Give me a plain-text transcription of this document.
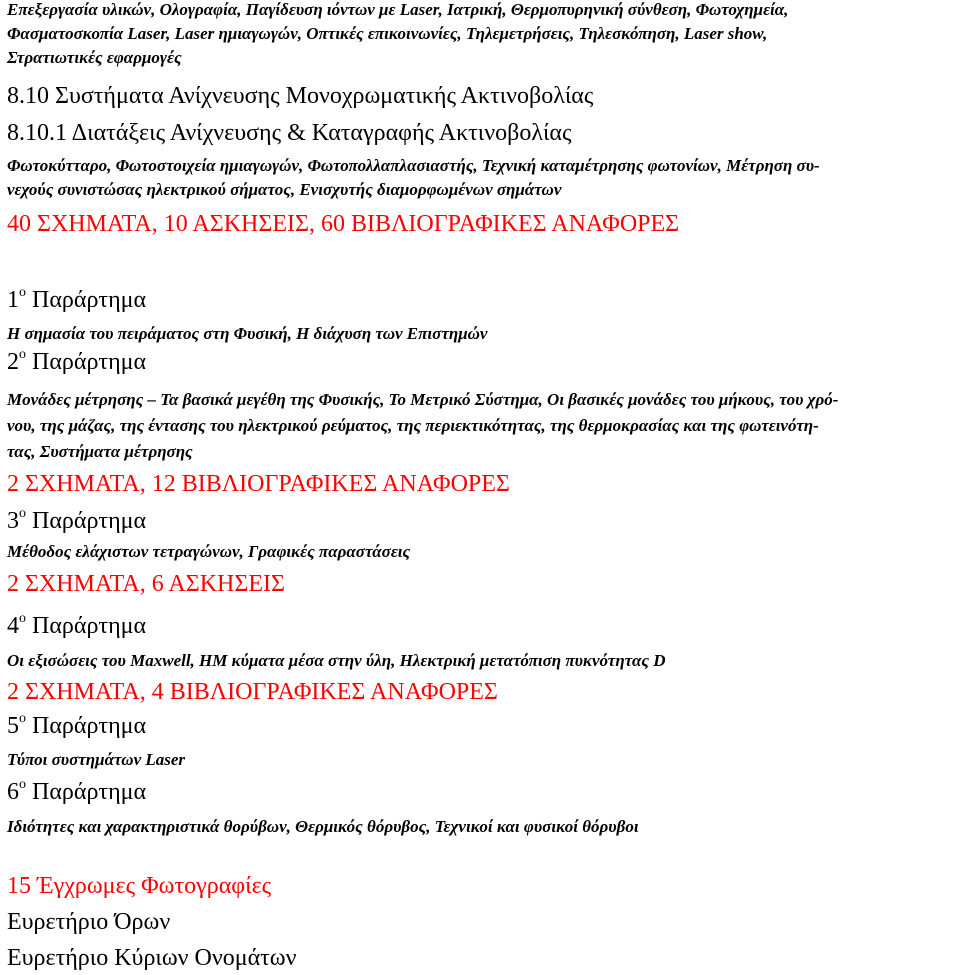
Επεξεργασία υλικών, Ολογραφία, Παγίδευση ιόντων με Laser, Ιατρική, Θερμοπυρηνική σύνθεση, Φωτοχημεία,
Φασματοσκοπία Laser, Laser ημιαγωγών, Οπτικές επικοινωνίες, Τηλεμετρήσεις, Τηλεσκόπηση, Laser show,
Στρατιωτικές εφαρμογές
8.10 Συστήματα Ανίχνευσης Μονοχρωματικής Ακτινοβολίας
8.10.1 Διατάξεις Ανίχνευσης & Καταγραφής Ακτινοβολίας
Φωτοκύτταρο, Φωτοστοιχεία ημιαγωγών, Φωτοπολλαπλασιαστής, Τεχνική καταμέτρησης φωτονίων, Μέτρηση συ-
νεχούς συνιστώσας ηλεκτρικού σήματος, Ενισχυτής διαμορφωμένων σημάτων
40 ΣΧΗΜΑΤΑ, 10 ΑΣΚΗΣΕΙΣ, 60 ΒΙΒΛΙΟΓΡΑΦΙΚΕΣ ΑΝΑΦΟΡΕΣ
$1^o$ Παράρτημα
Η σημασία του πειράματος στη Φυσική, Η διάχυση των Επιστημών
$2^o$ Παράρτημα
Μονάδες μέτρησης – Τα βασικά μεγέθη της Φυσικής, Το Μετρικό Σύστημα, Οι βασικές μονάδες του μήκους, του χρό-
νου, της μάζας, της έντασης του ηλεκτρικού ρεύματος, της περιεκτικότητας, της θερμοκρασίας και της φωτεινότη-
τας, Συστήματα μέτρησης
2 ΣΧΗΜΑΤΑ, 12 ΒΙΒΛΙΟΓΡΑΦΙΚΕΣ ΑΝΑΦΟΡΕΣ
$3^o$ Παράρτημα
Μέθοδος ελάχιστων τετραγώνων, Γραφικές παραστάσεις
2 ΣΧΗΜΑΤΑ, 6 ΑΣΚΗΣΕΙΣ
$4^o$ Παράρτημα
Οι εξισώσεις του Maxwell, ΗΜ κύματα μέσα στην ύλη, Ηλεκτρική μετατόπιση πυκνότητας D
2 ΣΧΗΜΑΤΑ, 4 ΒΙΒΛΙΟΓΡΑΦΙΚΕΣ ΑΝΑΦΟΡΕΣ
$5^o$ Παράρτημα
Τύποι συστημάτων Laser
$6^o$ Παράρτημα
Ιδιότητες και χαρακτηριστικά θορύβων, Θερμικός θόρυβος, Τεχνικοί και φυσικοί θόρυβοι
15 Έγχρωμες Φωτογραφίες
Ευρετήριο Όρων
Ευρετήριο Κύριων Ονομάτων
